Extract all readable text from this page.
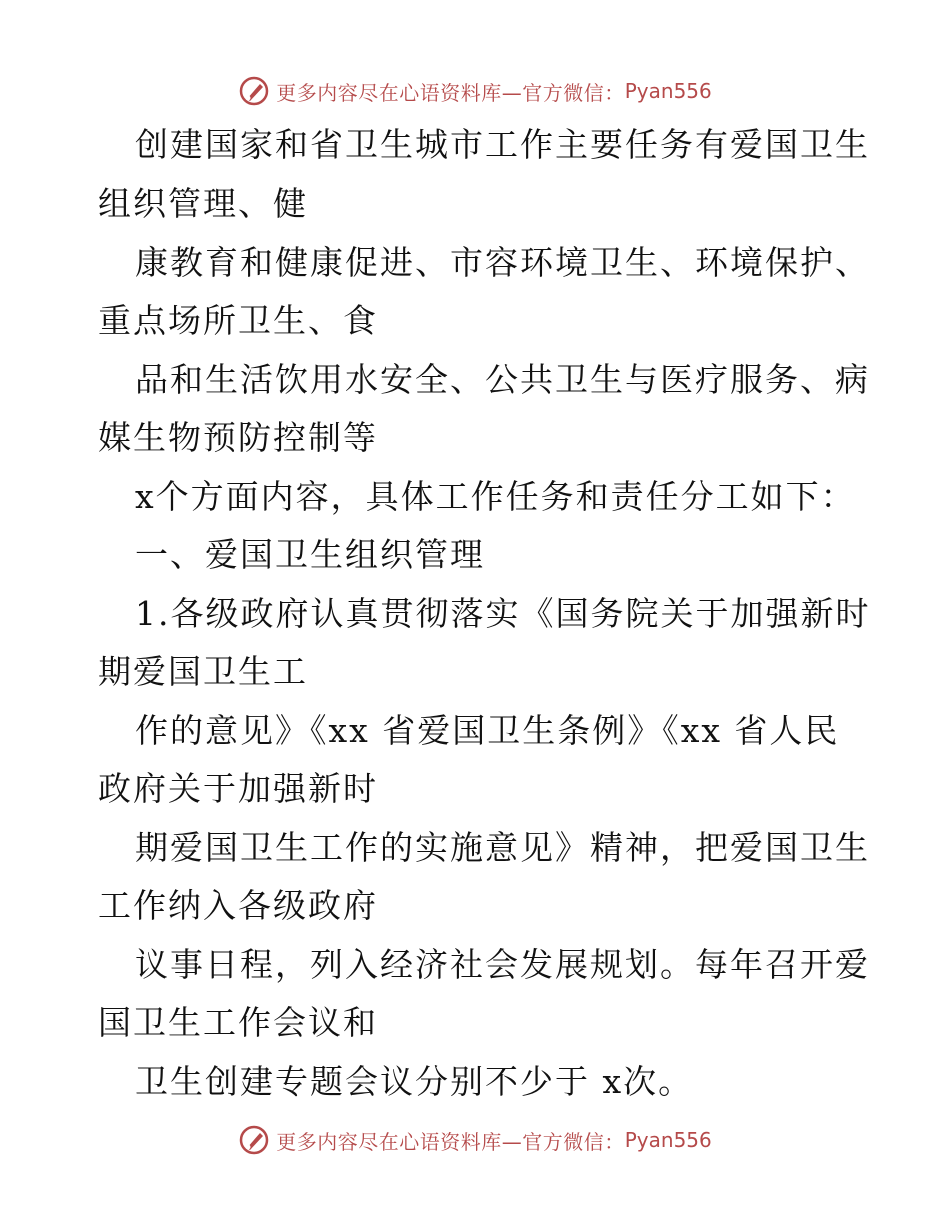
更多内容尽在心语资料库—官方微信： Pyan556
创建国家和省卫生城市工作主要任务有爱国卫生
组织管理、健
康教育和健康促进、市容环境卫生、环境保护、
重点场所卫生、食
品和生活饮用水安全、公共卫生与医疗服务、病
媒生物预防控制等
x个方面内容，具体工作任务和责任分工如下：
一、爱国卫生组织管理
1.各级政府认真贯彻落实《国务院关于加强新时
期爱国卫生工
作的意见》《xx 省爱国卫生条例》《xx 省人民
政府关于加强新时
期爱国卫生工作的实施意见》精神，把爱国卫生
工作纳入各级政府
议事日程，列入经济社会发展规划。每年召开爱
国卫生工作会议和
卫生创建专题会议分别不少于 x次。
更多内容尽在心语资料库—官方微信： Pyan556
